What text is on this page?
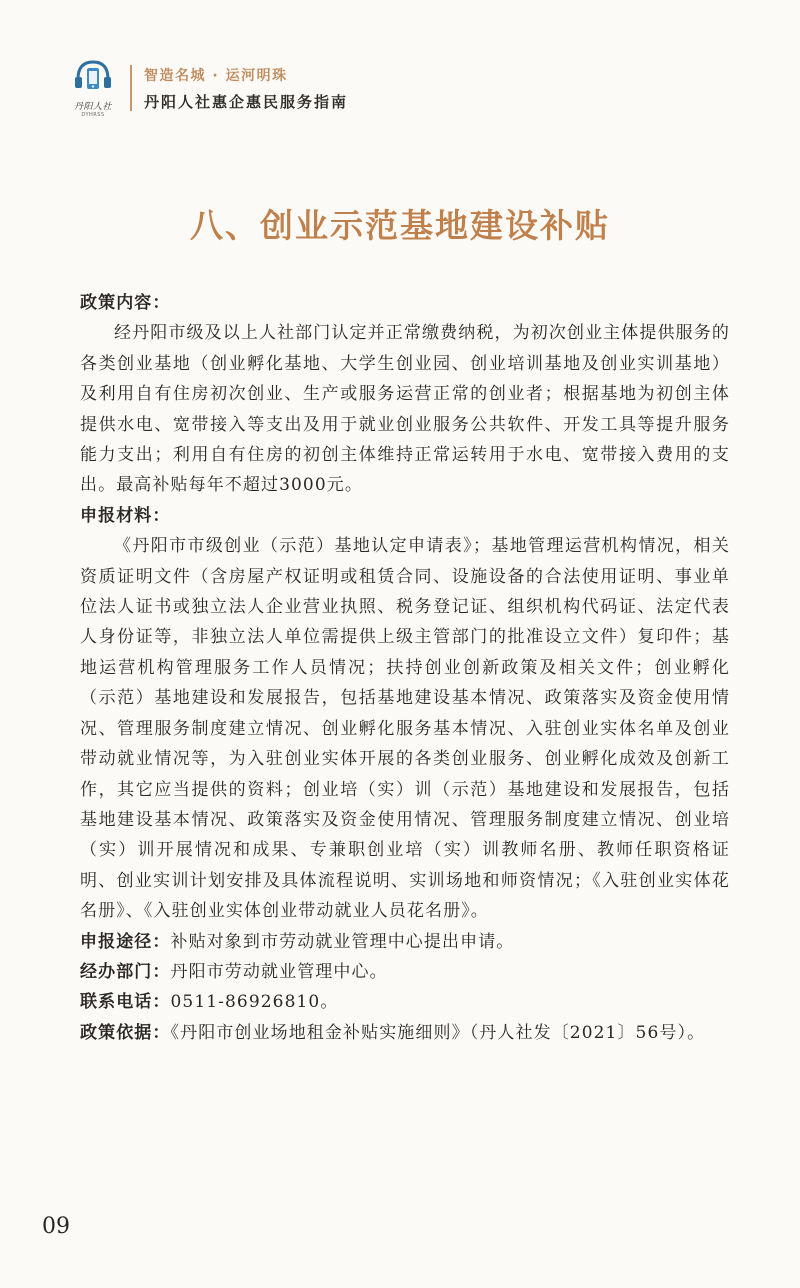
丹阳人社
DYHRSS
智造名城 · 运河明珠
丹阳人社惠企惠民服务指南
八、创业示范基地建设补贴

政策内容：

经丹阳市级及以上人社部门认定并正常缴费纳税，为初次创业主体提供服务的各类创业基地（创业孵化基地、大学生创业园、创业培训基地及创业实训基地）及利用自有住房初次创业、生产或服务运营正常的创业者；根据基地为初创主体提供水电、宽带接入等支出及用于就业创业服务公共软件、开发工具等提升服务能力支出；利用自有住房的初创主体维持正常运转用于水电、宽带接入费用的支出。最高补贴每年不超过3000元。

申报材料：

《丹阳市市级创业（示范）基地认定申请表》；基地管理运营机构情况，相关资质证明文件（含房屋产权证明或租赁合同、设施设备的合法使用证明、事业单位法人证书或独立法人企业营业执照、税务登记证、组织机构代码证、法定代表人身份证等，非独立法人单位需提供上级主管部门的批准设立文件）复印件；基地运营机构管理服务工作人员情况；扶持创业创新政策及相关文件；创业孵化（示范）基地建设和发展报告，包括基地建设基本情况、政策落实及资金使用情况、管理服务制度建立情况、创业孵化服务基本情况、入驻创业实体名单及创业带动就业情况等，为入驻创业实体开展的各类创业服务、创业孵化成效及创新工作，其它应当提供的资料；创业培（实）训（示范）基地建设和发展报告，包括基地建设基本情况、政策落实及资金使用情况、管理服务制度建立情况、创业培（实）训开展情况和成果、专兼职创业培（实）训教师名册、教师任职资格证明、创业实训计划安排及具体流程说明、实训场地和师资情况；《入驻创业实体花名册》、《入驻创业实体创业带动就业人员花名册》。

申报途径：补贴对象到市劳动就业管理中心提出申请。

经办部门：丹阳市劳动就业管理中心。

联系电话：0511-86926810。

政策依据：《丹阳市创业场地租金补贴实施细则》（丹人社发〔2021〕56号）。

09
